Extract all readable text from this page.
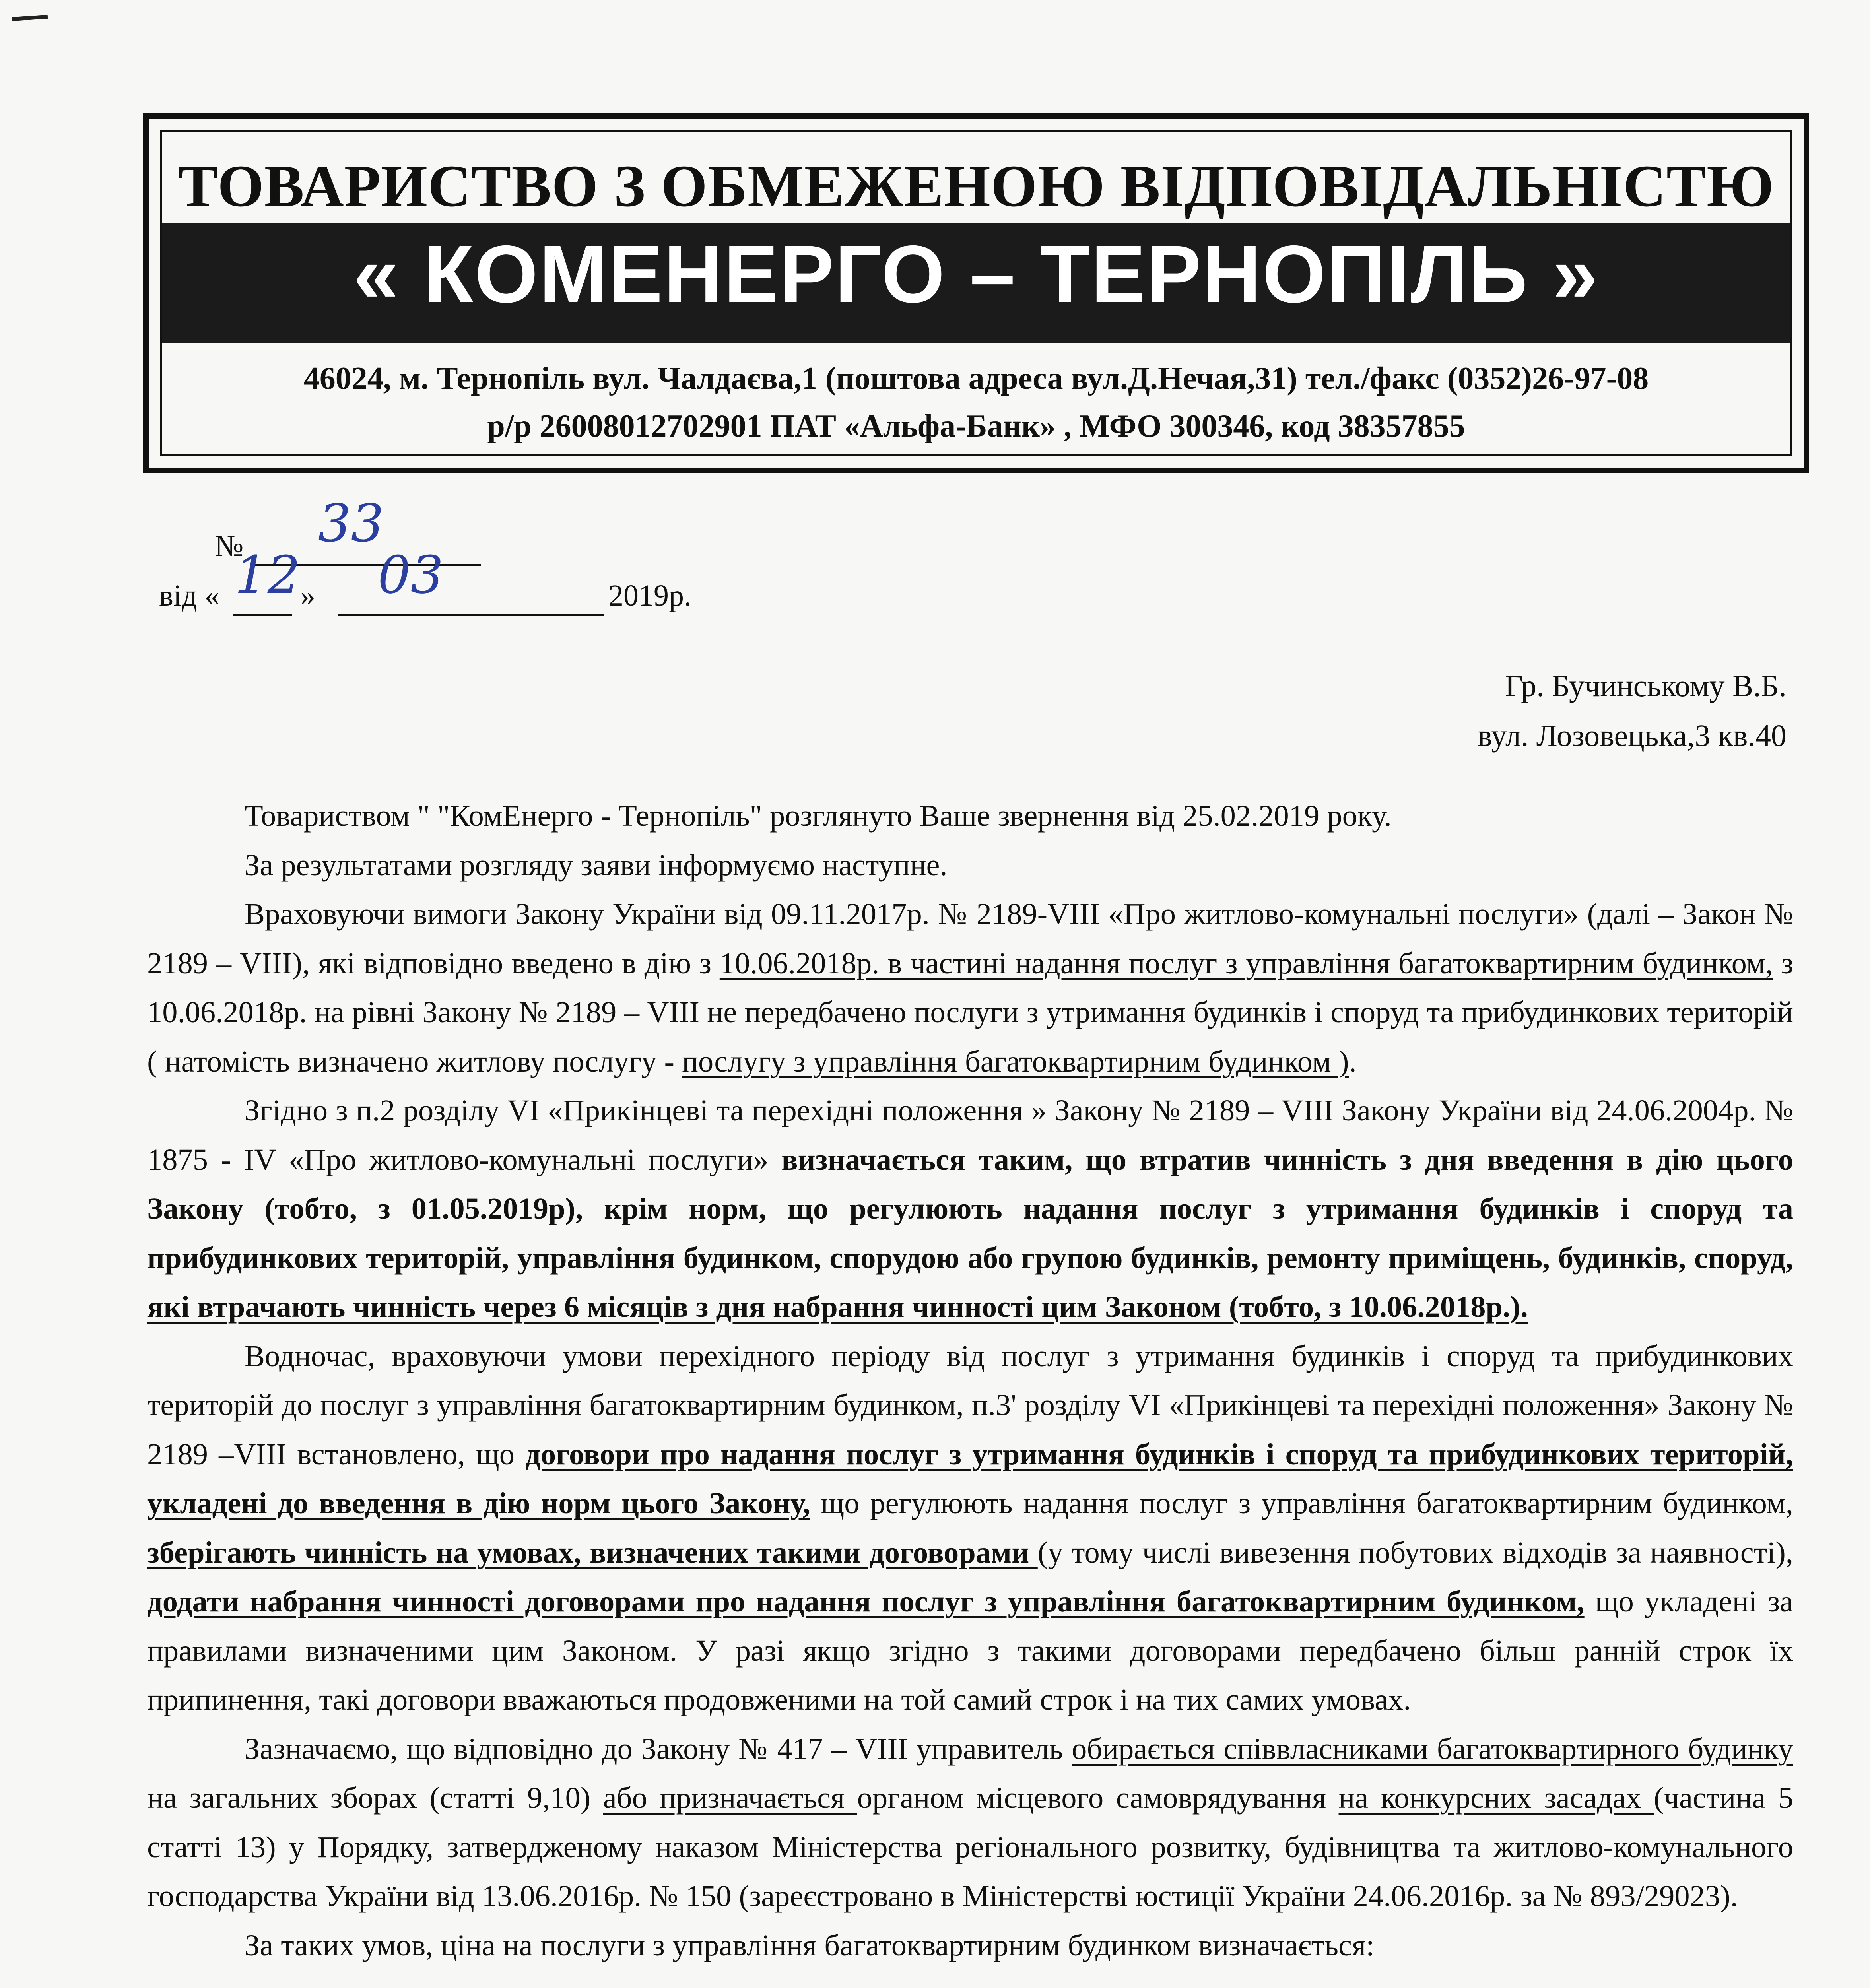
ТОВАРИСТВО З ОБМЕЖЕНОЮ ВІДПОВІДАЛЬНІСТЮ
« КОМЕНЕРГО – ТЕРНОПІЛЬ »
46024, м. Тернопіль вул. Чалдаєва,1 (поштова адреса вул.Д.Нечая,31) тел./факс (0352)26-97-08
р/р 26008012702901 ПАТ «Альфа-Банк» , МФО 300346, код 38357855
№ 33
від « 12 » 03	2019р.
Гр. Бучинському В.Б.
вул. Лозовецька,3 кв.40

Товариством " "КомЕнерго - Тернопіль" розглянуто Ваше звернення від 25.02.2019 року.

За результатами розгляду заяви інформуємо наступне.

Враховуючи вимоги Закону України від 09.11.2017р. № 2189-VIII «Про житлово-комунальні послуги» (далі – Закон № 2189 – VIII), які відповідно введено в дію з 10.06.2018р. в частині надання послуг з управління багатоквартирним будинком, з 10.06.2018р. на рівні Закону № 2189 – VIII не передбачено послуги з утримання будинків і споруд та прибудинкових територій ( натомість визначено житлову послугу - послугу з управління багатоквартирним будинком ).

Згідно з п.2 розділу VI «Прикінцеві та перехідні положення » Закону № 2189 – VIII Закону України від 24.06.2004р. № 1875 - IV «Про житлово-комунальні послуги» визначається таким, що втратив чинність з дня введення в дію цього Закону (тобто, з 01.05.2019р), крім норм, що регулюють надання послуг з утримання будинків і споруд та прибудинкових територій, управління будинком, спорудою або групою будинків, ремонту приміщень, будинків, споруд, які втрачають чинність через 6 місяців з дня набрання чинності цим Законом (тобто, з 10.06.2018р.).

Водночас, враховуючи умови перехідного періоду від послуг з утримання будинків і споруд та прибудинкових територій до послуг з управління багатоквартирним будинком, п.3' розділу VI «Прикінцеві та перехідні положення» Закону № 2189 –VIII встановлено, що договори про надання послуг з утримання будинків і споруд та прибудинкових територій, укладені до введення в дію норм цього Закону, що регулюють надання послуг з управління багатоквартирним будинком, зберігають чинність на умовах, визначених такими договорами (у тому числі вивезення побутових відходів за наявності), додати набрання чинності договорами про надання послуг з управління багатоквартирним будинком, що укладені за правилами визначеними цим Законом. У разі якщо згідно з такими договорами передбачено більш ранній строк їх припинення, такі договори вважаються продовженими на той самий строк і на тих самих умовах.

Зазначаємо, що відповідно до Закону № 417 – VIII управитель обирається співвласниками багатоквартирного будинку на загальних зборах (статті 9,10) або призначається органом місцевого самоврядування на конкурсних засадах (частина 5 статті 13) у Порядку, затвердженому наказом Міністерства регіонального розвитку, будівництва та житлово-комунального господарства України від 13.06.2016р. № 150 (зареєстровано в Міністерстві юстиції України 24.06.2016р. за № 893/29023).

За таких умов, ціна на послуги з управління багатоквартирним будинком визначається:
